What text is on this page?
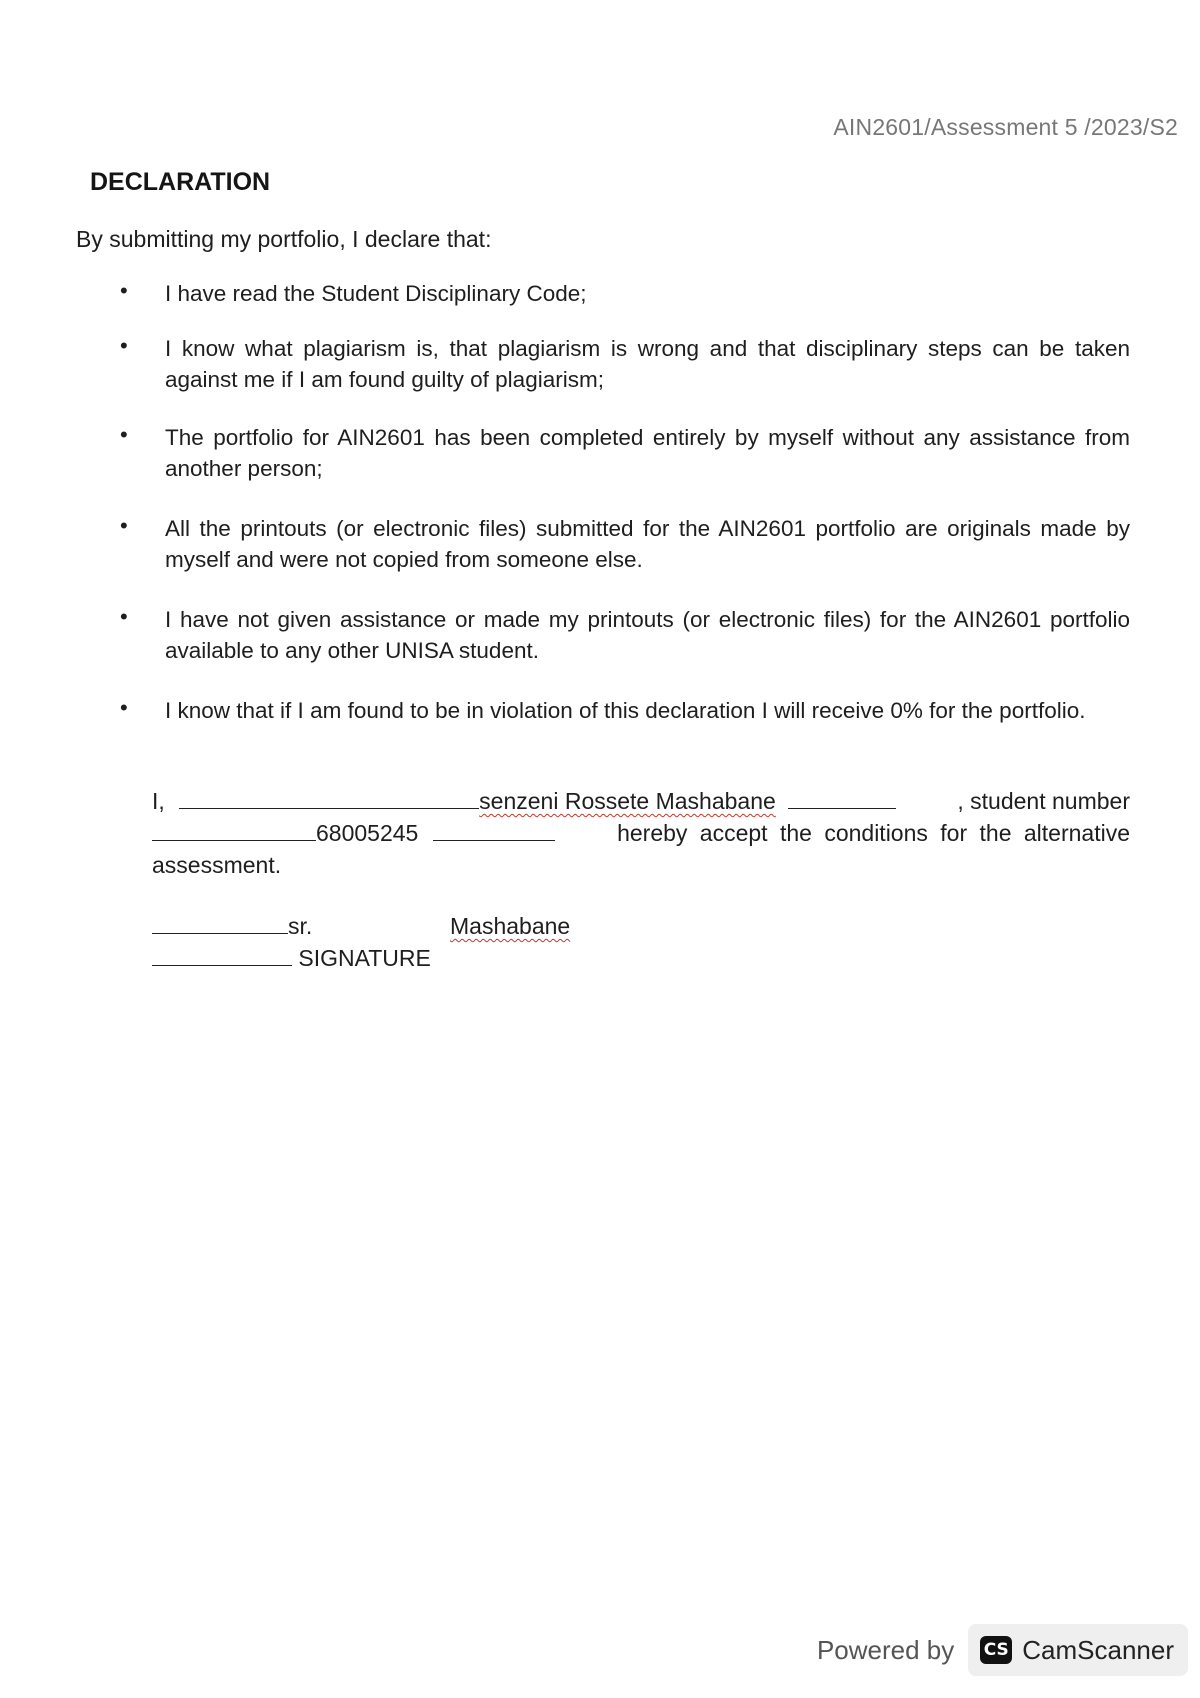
AIN2601/Assessment 5 /2023/S2
DECLARATION
By submitting my portfolio, I declare that:
• I have read the Student Disciplinary Code;
• I know what plagiarism is, that plagiarism is wrong and that disciplinary steps can be taken against me if I am found guilty of plagiarism;
• The portfolio for AIN2601 has been completed entirely by myself without any assistance from another person;
• All the printouts (or electronic files) submitted for the AIN2601 portfolio are originals made by myself and were not copied from someone else.
• I have not given assistance or made my printouts (or electronic files) for the AIN2601 portfolio available to any other UNISA student.
• I know that if I am found to be in violation of this declaration I will receive 0% for the portfolio.
I,	senzeni Rossete Mashabane	, student number
68005245	hereby accept the conditions for the alternative
assessment.
sr.	Mashabane
SIGNATURE
Powered by CS CamScanner
